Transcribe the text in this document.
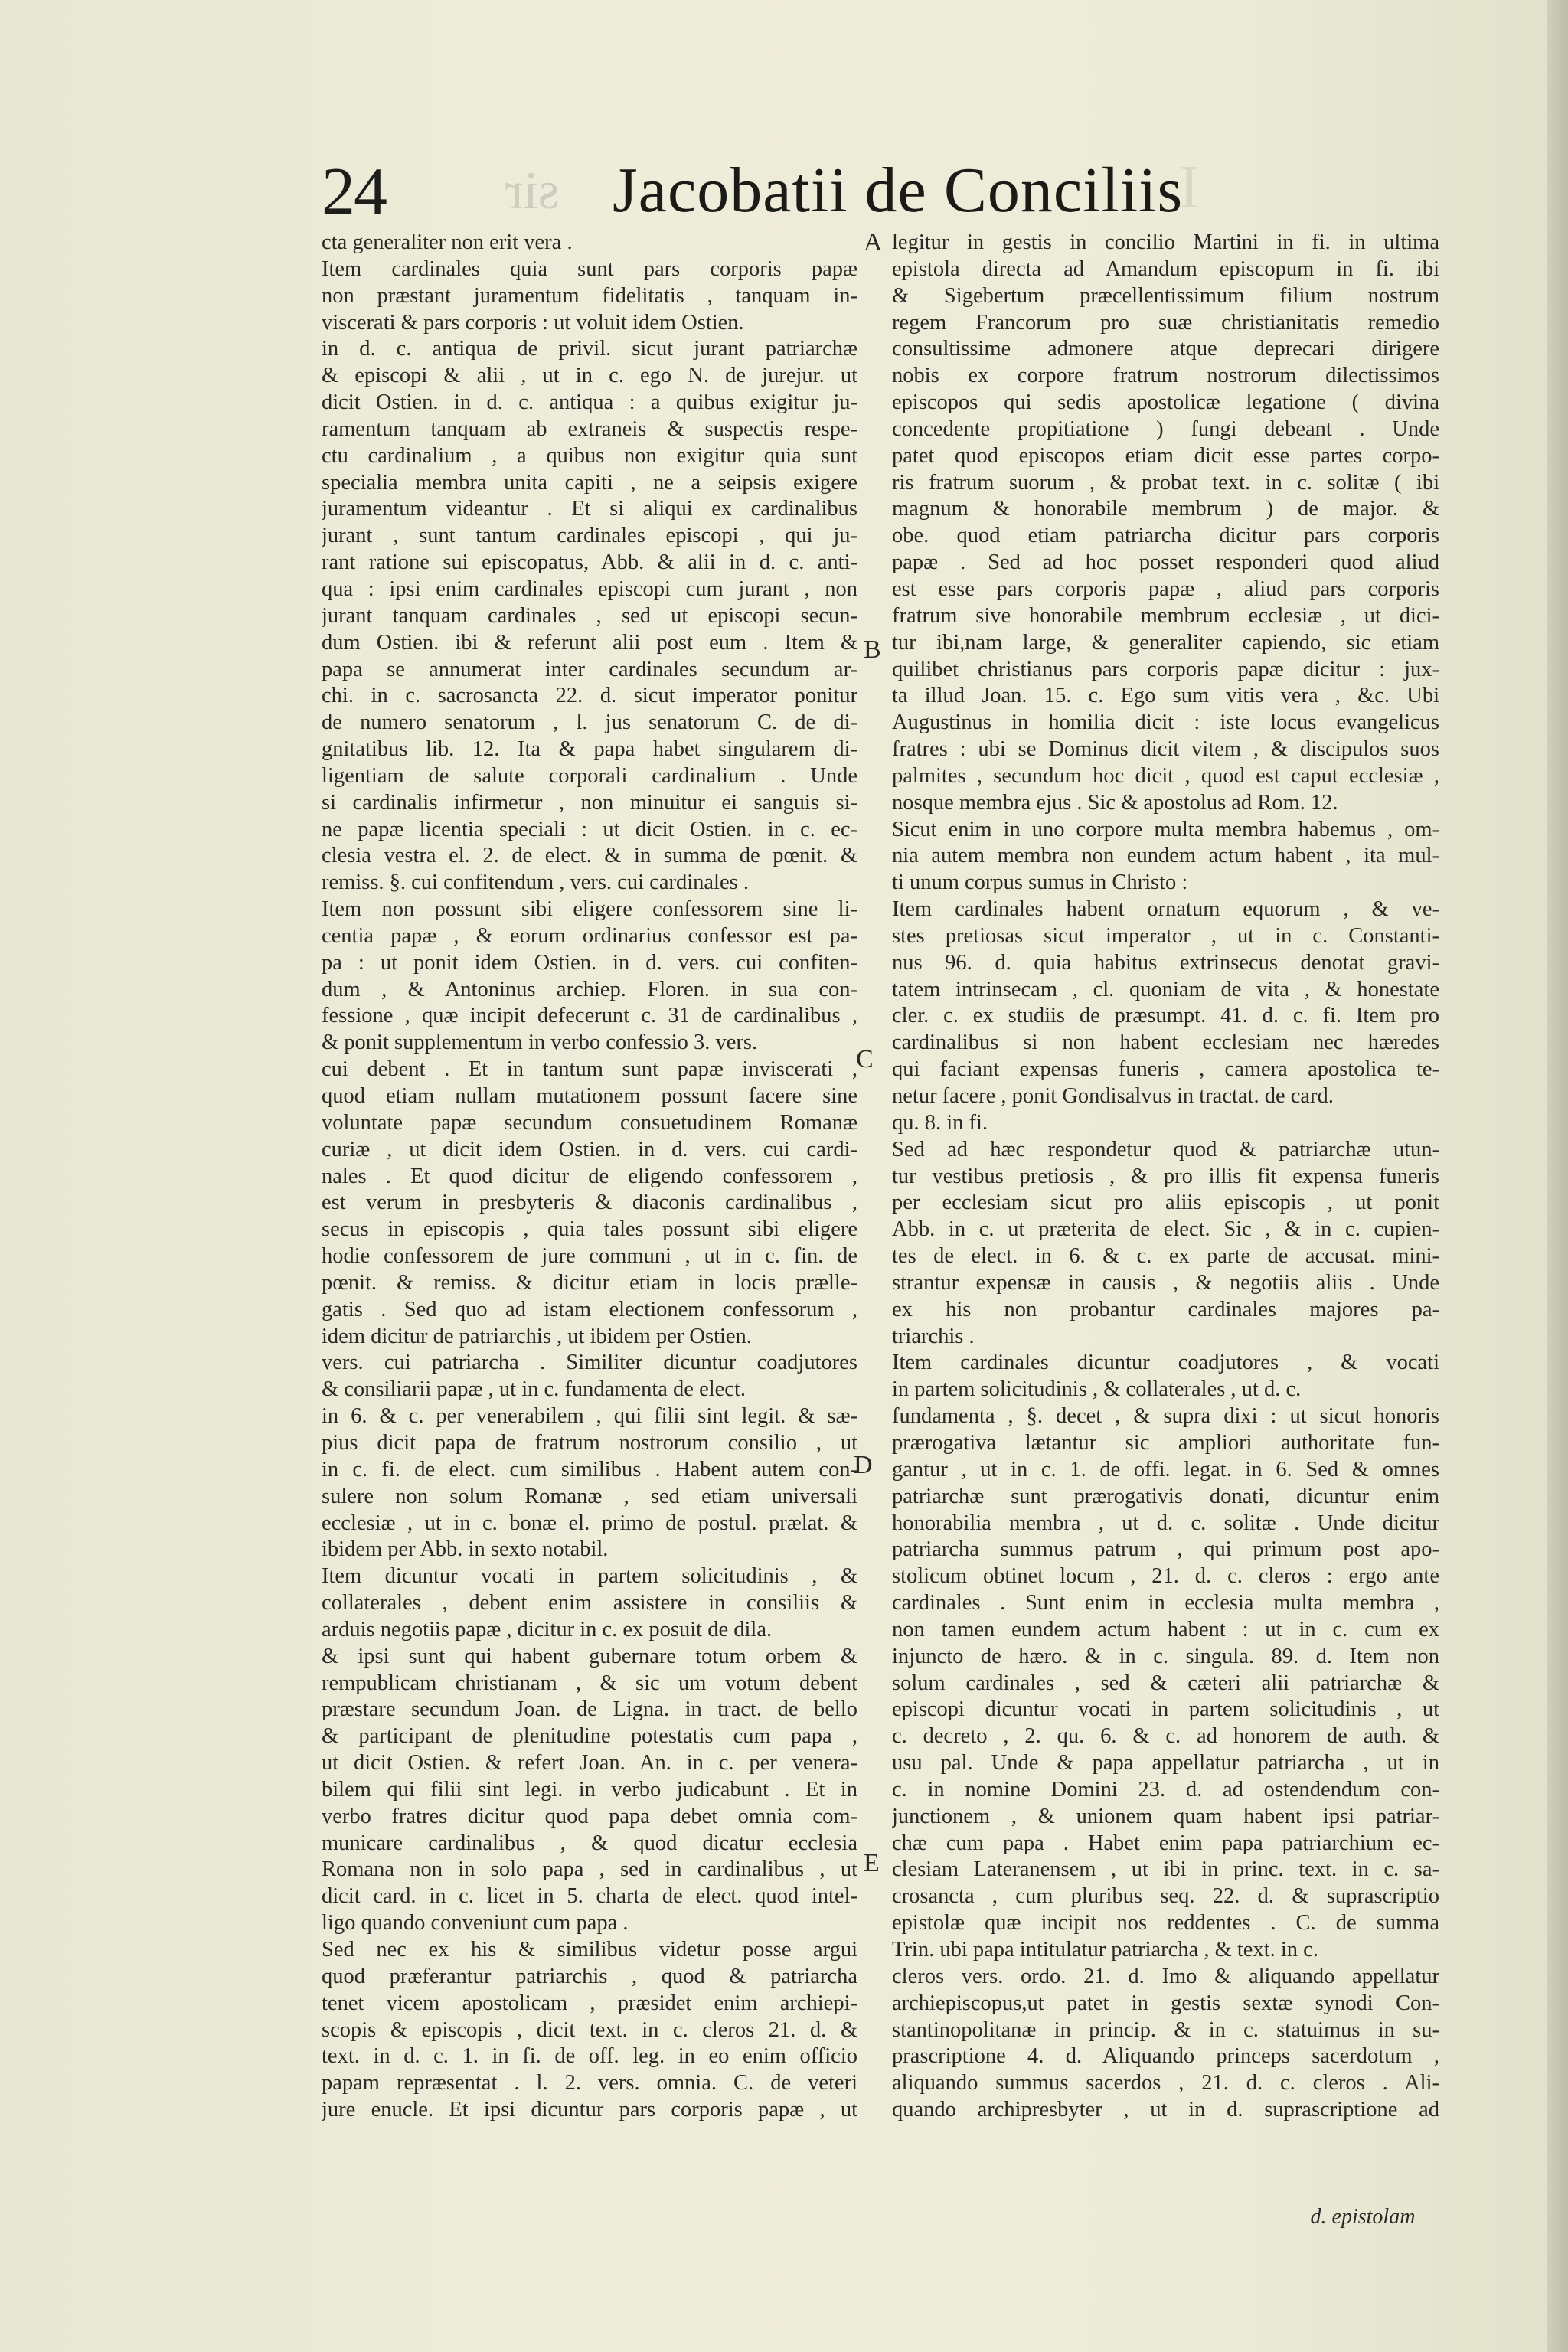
sir
24	Jacobatii de Conciliis
I
cta generaliter non erit vera .
Item cardinales quia sunt pars corporis papæ
non præstant juramentum fidelitatis , tanquam in-
viscerati & pars corporis : ut voluit idem Ostien.
in d. c. antiqua de privil. sicut jurant patriarchæ
& episcopi & alii , ut in c. ego N. de jurejur. ut
dicit Ostien. in d. c. antiqua : a quibus exigitur ju-
ramentum tanquam ab extraneis & suspectis respe-
ctu cardinalium , a quibus non exigitur quia sunt
specialia membra unita capiti , ne a seipsis exigere
juramentum videantur . Et si aliqui ex cardinalibus
jurant , sunt tantum cardinales episcopi , qui ju-
rant ratione sui episcopatus, Abb. & alii in d. c. anti-
qua : ipsi enim cardinales episcopi cum jurant , non
jurant tanquam cardinales , sed ut episcopi secun-
dum Ostien. ibi & referunt alii post eum . Item &
papa se annumerat inter cardinales secundum ar-
chi. in c. sacrosancta 22. d. sicut imperator ponitur
de numero senatorum , l. jus senatorum C. de di-
gnitatibus lib. 12. Ita & papa habet singularem di-
ligentiam de salute corporali cardinalium . Unde
si cardinalis infirmetur , non minuitur ei sanguis si-
ne papæ licentia speciali : ut dicit Ostien. in c. ec-
clesia vestra el. 2. de elect. & in summa de pœnit. &
remiss. §. cui confitendum , vers. cui cardinales .
Item non possunt sibi eligere confessorem sine li-
centia papæ , & eorum ordinarius confessor est pa-
pa : ut ponit idem Ostien. in d. vers. cui confiten-
dum , & Antoninus archiep. Floren. in sua con-
fessione , quæ incipit defecerunt c. 31 de cardinalibus ,
& ponit supplementum in verbo confessio 3. vers.
cui debent . Et in tantum sunt papæ inviscerati ,
quod etiam nullam mutationem possunt facere sine
voluntate papæ secundum consuetudinem Romanæ
curiæ , ut dicit idem Ostien. in d. vers. cui cardi-
nales . Et quod dicitur de eligendo confessorem ,
est verum in presbyteris & diaconis cardinalibus ,
secus in episcopis , quia tales possunt sibi eligere
hodie confessorem de jure communi , ut in c. fin. de
pœnit. & remiss. & dicitur etiam in locis prælle-
gatis . Sed quo ad istam electionem confessorum ,
idem dicitur de patriarchis , ut ibidem per Ostien.
vers. cui patriarcha . Similiter dicuntur coadjutores
& consiliarii papæ , ut in c. fundamenta de elect.
in 6. & c. per venerabilem , qui filii sint legit. & sæ-
pius dicit papa de fratrum nostrorum consilio , ut
in c. fi. de elect. cum similibus . Habent autem con-
sulere non solum Romanæ , sed etiam universali
ecclesiæ , ut in c. bonæ el. primo de postul. prælat. &
ibidem per Abb. in sexto notabil.
Item dicuntur vocati in partem solicitudinis , &
collaterales , debent enim assistere in consiliis &
arduis negotiis papæ , dicitur in c. ex posuit de dila.
& ipsi sunt qui habent gubernare totum orbem &
rempublicam christianam , & sic um votum debent
præstare secundum Joan. de Ligna. in tract. de bello
& participant de plenitudine potestatis cum papa ,
ut dicit Ostien. & refert Joan. An. in c. per venera-
bilem qui filii sint legi. in verbo judicabunt . Et in
verbo fratres dicitur quod papa debet omnia com-
municare cardinalibus , & quod dicatur ecclesia
Romana non in solo papa , sed in cardinalibus , ut
dicit card. in c. licet in 5. charta de elect. quod intel-
ligo quando conveniunt cum papa .
Sed nec ex his & similibus videtur posse argui
quod præferantur patriarchis , quod & patriarcha
tenet vicem apostolicam , præsidet enim archiepi-
scopis & episcopis , dicit text. in c. cleros 21. d. &
text. in d. c. 1. in fi. de off. leg. in eo enim officio
papam repræsentat . l. 2. vers. omnia. C. de veteri
jure enucle. Et ipsi dicuntur pars corporis papæ , ut
legitur in gestis in concilio Martini in fi. in ultima
epistola directa ad Amandum episcopum in fi. ibi
& Sigebertum præcellentissimum filium nostrum
regem Francorum pro suæ christianitatis remedio
consultissime admonere atque deprecari dirigere
nobis ex corpore fratrum nostrorum dilectissimos
episcopos qui sedis apostolicæ legatione ( divina
concedente propitiatione ) fungi debeant . Unde
patet quod episcopos etiam dicit esse partes corpo-
ris fratrum suorum , & probat text. in c. solitæ ( ibi
magnum & honorabile membrum ) de major. &
obe. quod etiam patriarcha dicitur pars corporis
papæ . Sed ad hoc posset responderi quod aliud
est esse pars corporis papæ , aliud pars corporis
fratrum sive honorabile membrum ecclesiæ , ut dici-
tur ibi,nam large, & generaliter capiendo, sic etiam
quilibet christianus pars corporis papæ dicitur : jux-
ta illud Joan. 15. c. Ego sum vitis vera , &c. Ubi
Augustinus in homilia dicit : iste locus evangelicus
fratres : ubi se Dominus dicit vitem , & discipulos suos
palmites , secundum hoc dicit , quod est caput ecclesiæ ,
nosque membra ejus . Sic & apostolus ad Rom. 12.
Sicut enim in uno corpore multa membra habemus , om-
nia autem membra non eundem actum habent , ita mul-
ti unum corpus sumus in Christo :
Item cardinales habent ornatum equorum , & ve-
stes pretiosas sicut imperator , ut in c. Constanti-
nus 96. d. quia habitus extrinsecus denotat gravi-
tatem intrinsecam , cl. quoniam de vita , & honestate
cler. c. ex studiis de præsumpt. 41. d. c. fi. Item pro
cardinalibus si non habent ecclesiam nec hæredes
qui faciant expensas funeris , camera apostolica te-
netur facere , ponit Gondisalvus in tractat. de card.
qu. 8. in fi.
Sed ad hæc respondetur quod & patriarchæ utun-
tur vestibus pretiosis , & pro illis fit expensa funeris
per ecclesiam sicut pro aliis episcopis , ut ponit
Abb. in c. ut præterita de elect. Sic , & in c. cupien-
tes de elect. in 6. & c. ex parte de accusat. mini-
strantur expensæ in causis , & negotiis aliis . Unde
ex his non probantur cardinales majores pa-
triarchis .
Item cardinales dicuntur coadjutores , & vocati
in partem solicitudinis , & collaterales , ut d. c.
fundamenta , §. decet , & supra dixi : ut sicut honoris
prærogativa lætantur sic ampliori authoritate fun-
gantur , ut in c. 1. de offi. legat. in 6. Sed & omnes
patriarchæ sunt prærogativis donati, dicuntur enim
honorabilia membra , ut d. c. solitæ . Unde dicitur
patriarcha summus patrum , qui primum post apo-
stolicum obtinet locum , 21. d. c. cleros : ergo ante
cardinales . Sunt enim in ecclesia multa membra ,
non tamen eundem actum habent : ut in c. cum ex
injuncto de hæro. & in c. singula. 89. d. Item non
solum cardinales , sed & cæteri alii patriarchæ &
episcopi dicuntur vocati in partem solicitudinis , ut
c. decreto , 2. qu. 6. & c. ad honorem de auth. &
usu pal. Unde & papa appellatur patriarcha , ut in
c. in nomine Domini 23. d. ad ostendendum con-
junctionem , & unionem quam habent ipsi patriar-
chæ cum papa . Habet enim papa patriarchium ec-
clesiam Lateranensem , ut ibi in princ. text. in c. sa-
crosancta , cum pluribus seq. 22. d. & suprascriptio
epistolæ quæ incipit nos reddentes . C. de summa
Trin. ubi papa intitulatur patriarcha , & text. in c.
cleros vers. ordo. 21. d. Imo & aliquando appellatur
archiepiscopus,ut patet in gestis sextæ synodi Con-
stantinopolitanæ in princip. & in c. statuimus in su-
prascriptione 4. d. Aliquando princeps sacerdotum ,
aliquando summus sacerdos , 21. d. c. cleros . Ali-
quando archipresbyter , ut in d. suprascriptione ad
A
B
C
D
E
d. epistolam
